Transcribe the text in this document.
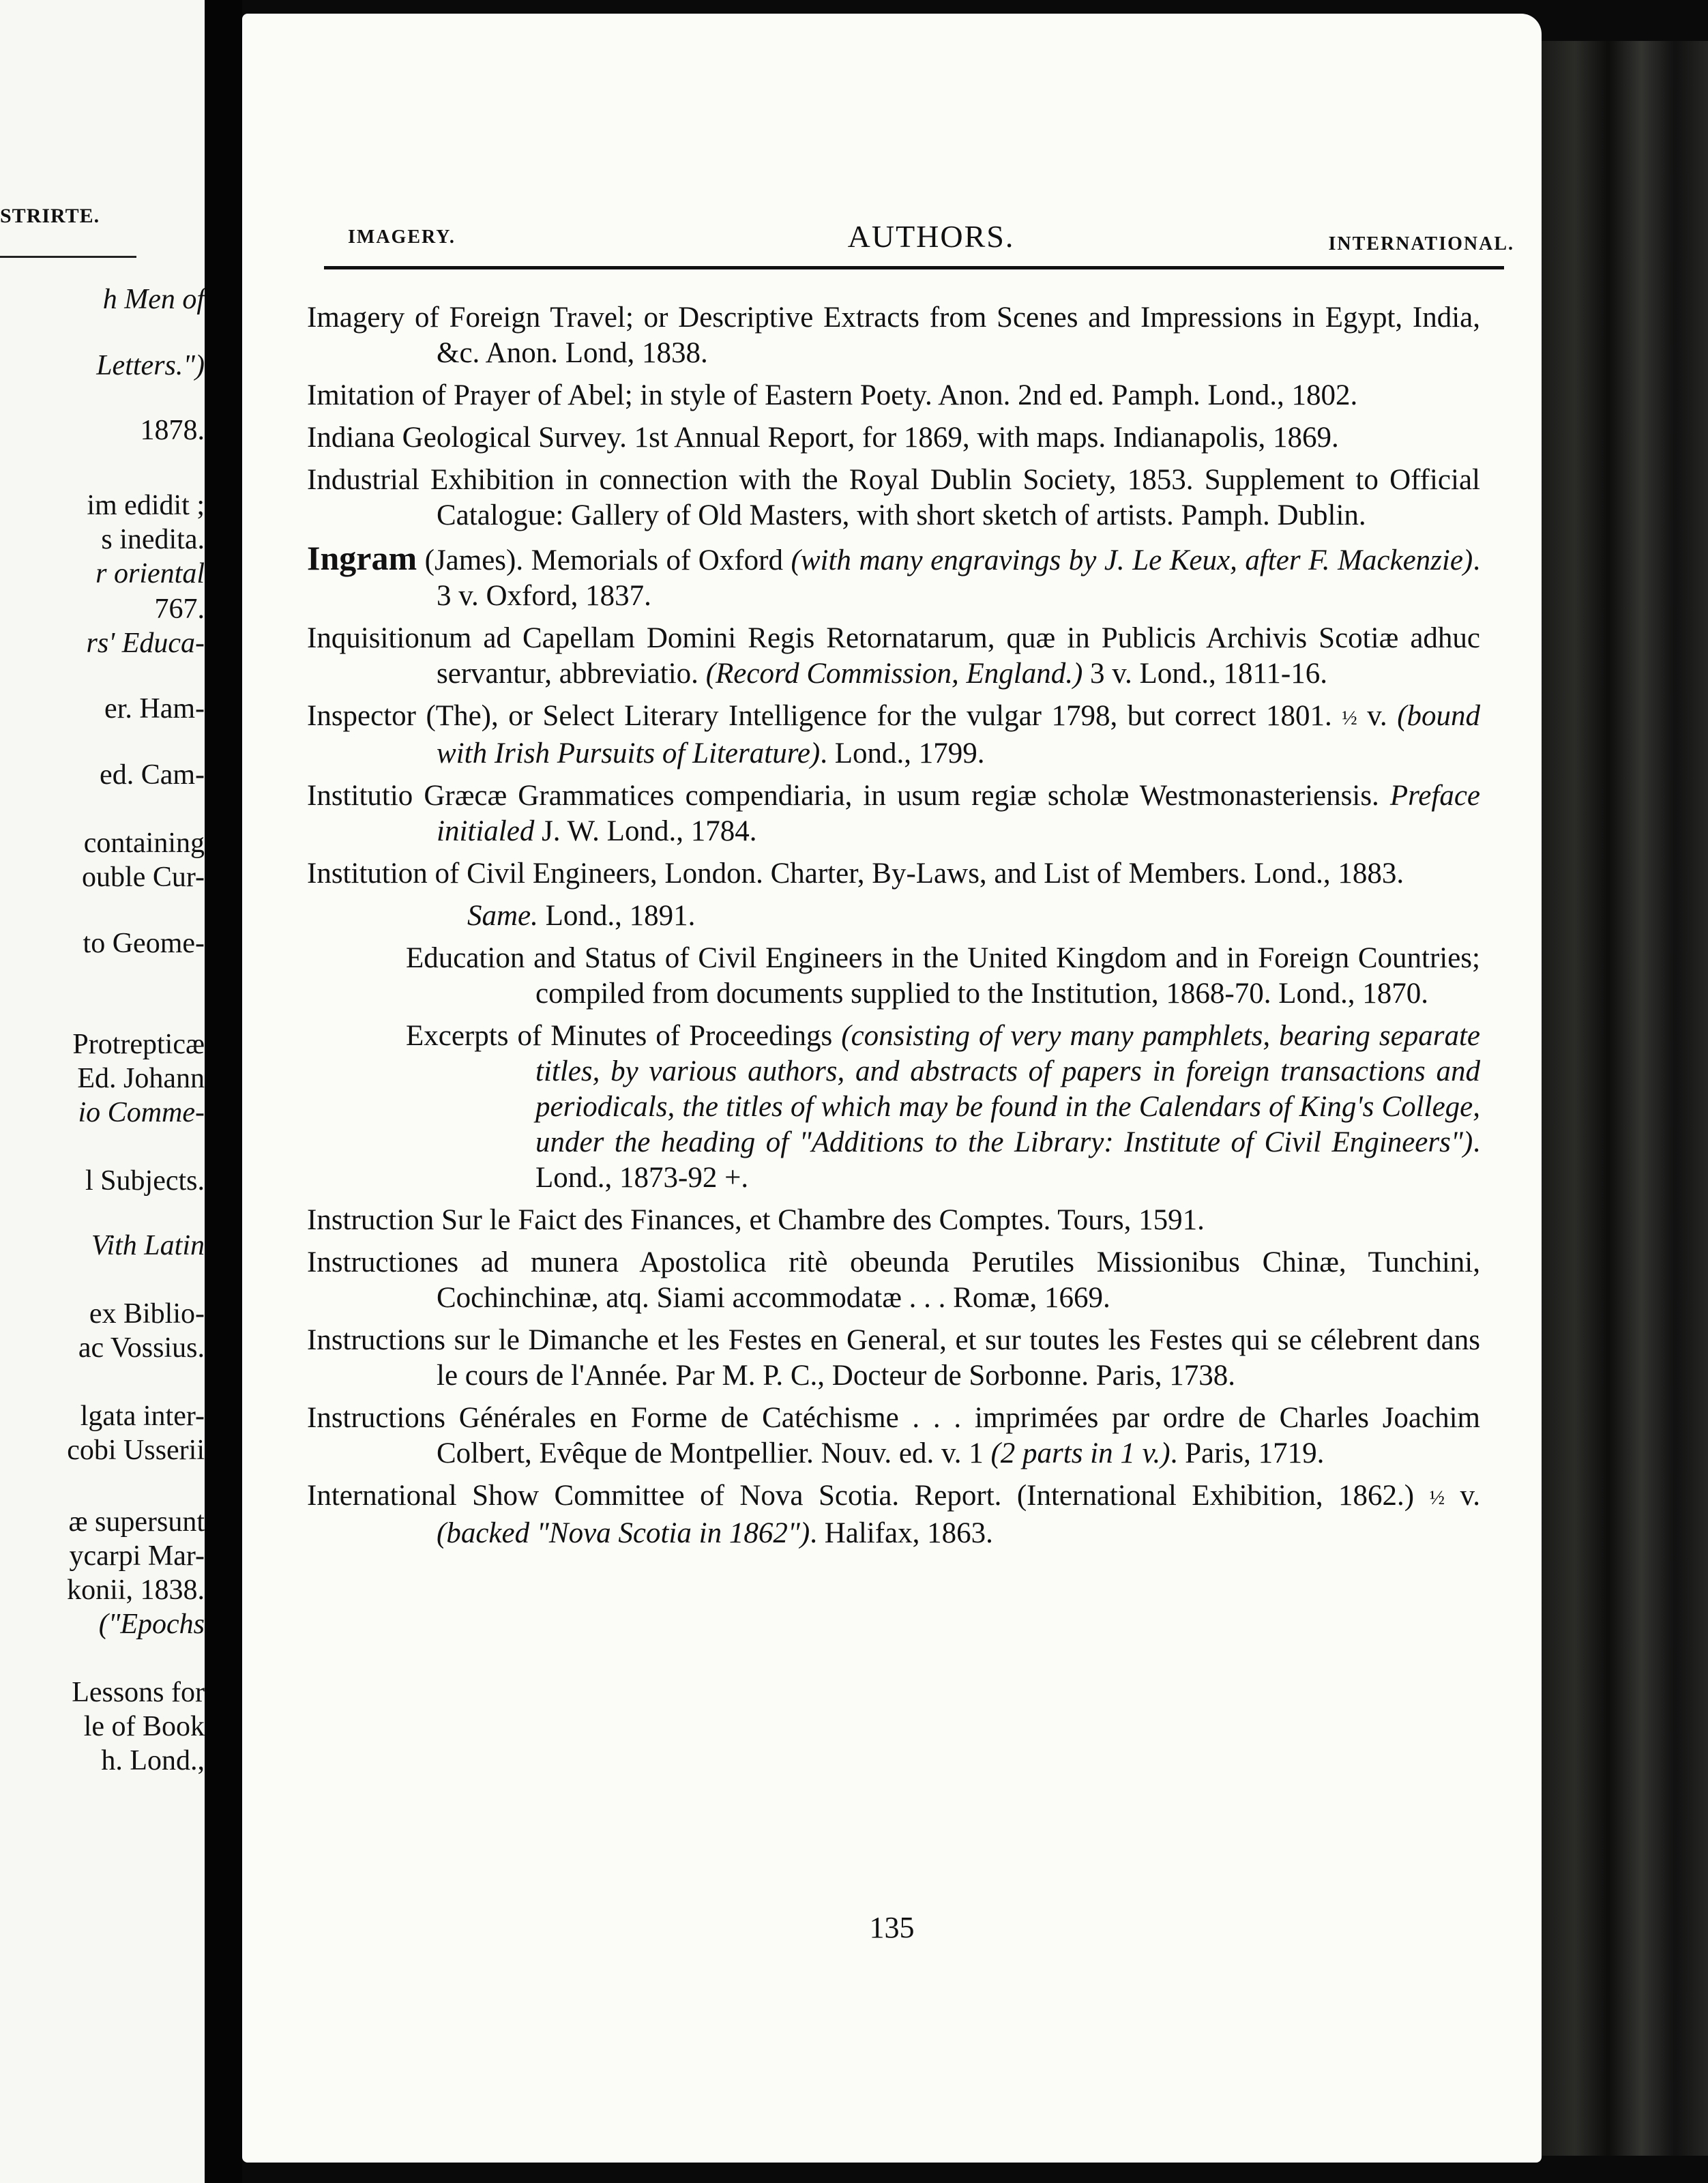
STRIRTE.
h Men of
Letters.")
1878.
im edidit ;
s inedita.
r oriental
767.
rs' Educa-
er. Ham-
ed. Cam-
containing
ouble Cur-
to Geome-
Protrepticæ
Ed. Johann
io Comme-
l Subjects.
Vith Latin
ex Biblio-
ac Vossius.
lgata inter-
cobi Usserii
æ supersunt
ycarpi Mar-
konii, 1838.
("Epochs
Lessons for
le of Book
h. Lond.,
IMAGERY.	AUTHORS.	INTERNATIONAL.
Imagery of Foreign Travel; or Descriptive Extracts from Scenes and Impressions in Egypt, India, &c. Anon. Lond, 1838.
Imitation of Prayer of Abel; in style of Eastern Poety. Anon. 2nd ed. Pamph. Lond., 1802.
Indiana Geological Survey. 1st Annual Report, for 1869, with maps. Indianapolis, 1869.
Industrial Exhibition in connection with the Royal Dublin Society, 1853. Supplement to Official Catalogue: Gallery of Old Masters, with short sketch of artists. Pamph. Dublin.
Ingram (James). Memorials of Oxford (with many engravings by J. Le Keux, after F. Mackenzie). 3 v. Oxford, 1837.
Inquisitionum ad Capellam Domini Regis Retornatarum, quæ in Publicis Archivis Scotiæ adhuc servantur, abbreviatio. (Record Commission, England.) 3 v. Lond., 1811-16.
Inspector (The), or Select Literary Intelligence for the vulgar 1798, but correct 1801. ½ v. (bound with Irish Pursuits of Literature). Lond., 1799.
Institutio Græcæ Grammatices compendiaria, in usum regiæ scholæ Westmonasteriensis. Preface initialed J. W. Lond., 1784.
Institution of Civil Engineers, London. Charter, By-Laws, and List of Members. Lond., 1883.
Same. Lond., 1891.
Education and Status of Civil Engineers in the United Kingdom and in Foreign Countries; compiled from documents supplied to the Institution, 1868-70. Lond., 1870.
Excerpts of Minutes of Proceedings (consisting of very many pamphlets, bearing separate titles, by various authors, and abstracts of papers in foreign transactions and periodicals, the titles of which may be found in the Calendars of King's College, under the heading of "Additions to the Library: Institute of Civil Engineers"). Lond., 1873-92 +.
Instruction Sur le Faict des Finances, et Chambre des Comptes. Tours, 1591.
Instructiones ad munera Apostolica ritè obeunda Perutiles Missionibus Chinæ, Tunchini, Cochinchinæ, atq. Siami accommodatæ . . . Romæ, 1669.
Instructions sur le Dimanche et les Festes en General, et sur toutes les Festes qui se célebrent dans le cours de l'Année. Par M. P. C., Docteur de Sorbonne. Paris, 1738.
Instructions Générales en Forme de Catéchisme . . . imprimées par ordre de Charles Joachim Colbert, Evêque de Montpellier. Nouv. ed. v. 1 (2 parts in 1 v.). Paris, 1719.
International Show Committee of Nova Scotia. Report. (International Exhibition, 1862.) ½ v. (backed "Nova Scotia in 1862"). Halifax, 1863.
135
